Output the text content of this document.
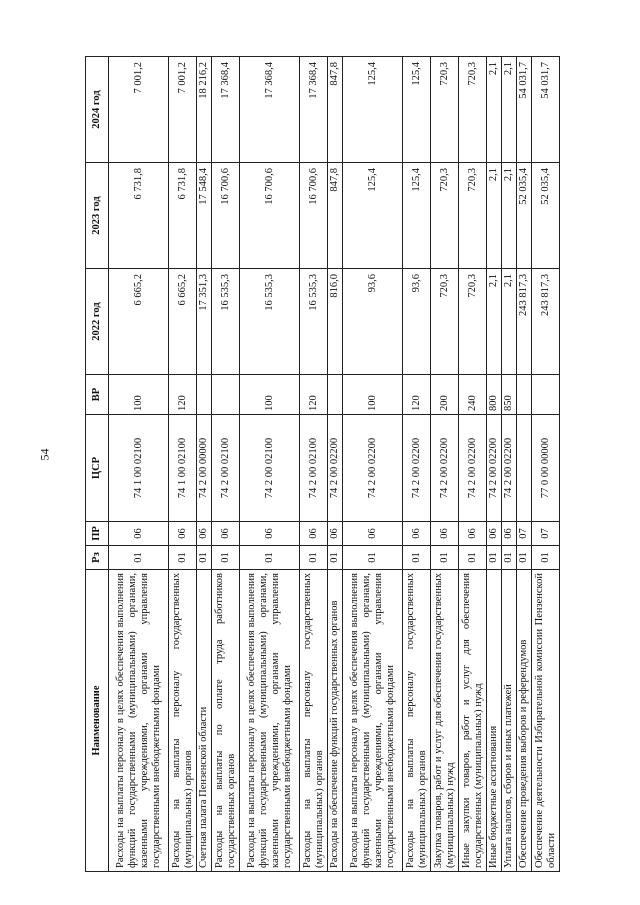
54
Наименование	Рз	ПР	ЦСР	ВР	2022 год	2023 год	2024 год
Расходы на выплаты персоналу в целях обеспечения выполнения функций государственными (муниципальными) органами, казенными учреждениями, органами управления государственными внебюджетными фондами	01	06	74 1 00 02100	100	6 665,2	6 731,8	7 001,2
Расходы на выплаты персоналу государственных (муниципальных) органов	01	06	74 1 00 02100	120	6 665,2	6 731,8	7 001,2
Счетная палата Пензенской области	01	06	74 2 00 00000		17 351,3	17 548,4	18 216,2
Расходы на выплаты по оплате труда работников государственных органов	01	06	74 2 00 02100		16 535,3	16 700,6	17 368,4
Расходы на выплаты персоналу в целях обеспечения выполнения функций государственными (муниципальными) органами, казенными учреждениями, органами управления государственными внебюджетными фондами	01	06	74 2 00 02100	100	16 535,3	16 700,6	17 368,4
Расходы на выплаты персоналу государственных (муниципальных) органов	01	06	74 2 00 02100	120	16 535,3	16 700,6	17 368,4
Расходы на обеспечение функций государственных органов	01	06	74 2 00 02200		816,0	847,8	847,8
Расходы на выплаты персоналу в целях обеспечения выполнения функций государственными (муниципальными) органами, казенными учреждениями, органами управления государственными внебюджетными фондами	01	06	74 2 00 02200	100	93,6	125,4	125,4
Расходы на выплаты персоналу государственных (муниципальных) органов	01	06	74 2 00 02200	120	93,6	125,4	125,4
Закупка товаров, работ и услуг для обеспечения государственных (муниципальных) нужд	01	06	74 2 00 02200	200	720,3	720,3	720,3
Иные закупки товаров, работ и услуг для обеспечения государственных (муниципальных) нужд	01	06	74 2 00 02200	240	720,3	720,3	720,3
Иные бюджетные ассигнования	01	06	74 2 00 02200	800	2,1	2,1	2,1
Уплата налогов, сборов и иных платежей	01	06	74 2 00 02200	850	2,1	2,1	2,1
Обеспечение проведения выборов и референдумов	01	07			243 817,3	52 035,4	54 031,7
Обеспечение деятельности Избирательной комиссии Пензенской области	01	07	77 0 00 00000		243 817,3	52 035,4	54 031,7
